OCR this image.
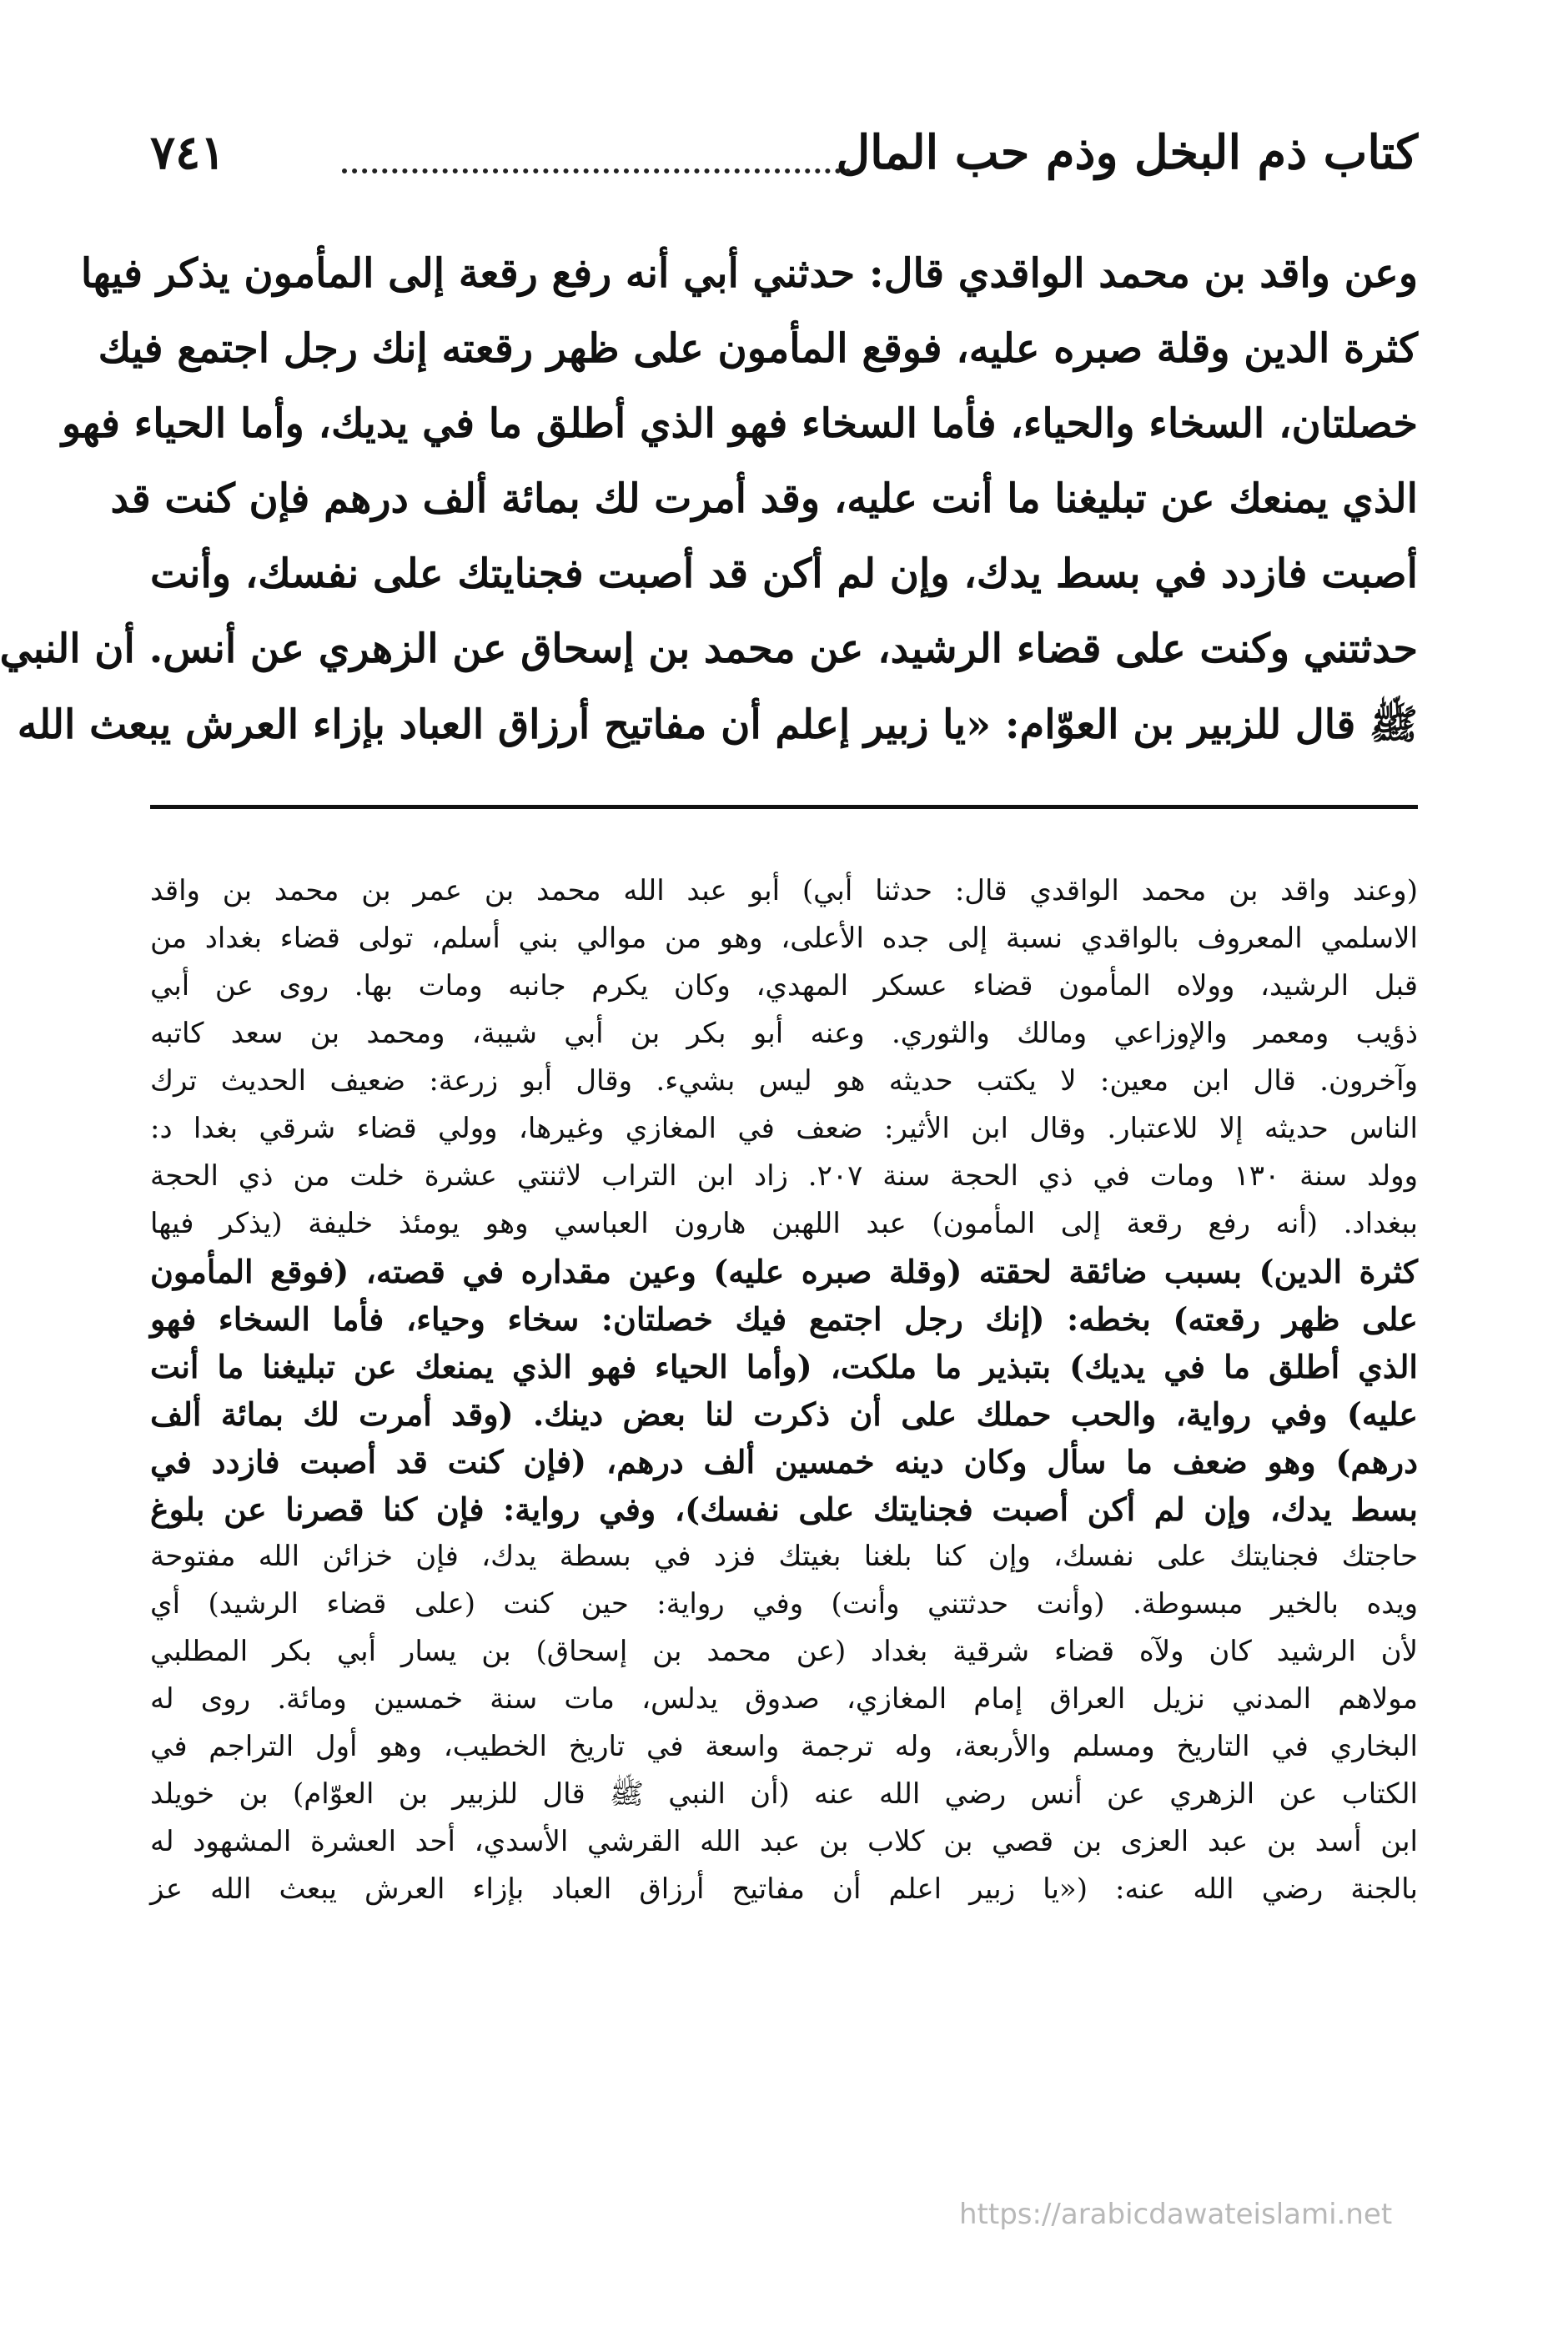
كتاب ذم البخل وذم حب المال
٧٤١
وعن واقد بن محمد الواقدي قال: حدثني أبي أنه رفع رقعة إلى المأمون يذكر فيها
كثرة الدين وقلة صبره عليه، فوقع المأمون على ظهر رقعته إنك رجل اجتمع فيك
خصلتان، السخاء والحياء، فأما السخاء فهو الذي أطلق ما في يديك، وأما الحياء فهو
الذي يمنعك عن تبليغنا ما أنت عليه، وقد أمرت لك بمائة ألف درهم فإن كنت قد
أصبت فازدد في بسط يدك، وإن لم أكن قد أصبت فجنايتك على نفسك، وأنت
حدثتني وكنت على قضاء الرشيد، عن محمد بن إسحاق عن الزهري عن أنس. أن النبي
ﷺ قال للزبير بن العوّام: «يا زبير إعلم أن مفاتيح أرزاق العباد بإزاء العرش يبعث الله
(وعند واقد بن محمد الواقدي قال: حدثنا أبي) أبو عبد الله محمد بن عمر بن محمد بن واقد
الاسلمي المعروف بالواقدي نسبة إلى جده الأعلى، وهو من موالي بني أسلم، تولى قضاء بغداد من
قبل الرشيد، وولاه المأمون قضاء عسكر المهدي، وكان يكرم جانبه ومات بها. روى عن أبي
ذؤيب ومعمر والإوزاعي ومالك والثوري. وعنه أبو بكر بن أبي شيبة، ومحمد بن سعد كاتبه
وآخرون. قال ابن معين: لا يكتب حديثه هو ليس بشيء. وقال أبو زرعة: ضعيف الحديث ترك
الناس حديثه إلا للاعتبار. وقال ابن الأثير: ضعف في المغازي وغيرها، وولي قضاء شرقي بغدا د:
وولد سنة ١٣٠ ومات في ذي الحجة سنة ٢٠٧. زاد ابن التراب لاثنتي عشرة خلت من ذي الحجة
ببغداد. (أنه رفع رقعة إلى المأمون) عبد اللهبن هارون العباسي وهو يومئذ خليفة (يذكر فيها
كثرة الدين) بسبب ضائقة لحقته (وقلة صبره عليه) وعين مقداره في قصته، (فوقع المأمون
على ظهر رقعته) بخطه: (إنك رجل اجتمع فيك خصلتان: سخاء وحياء، فأما السخاء فهو
الذي أطلق ما في يديك) بتبذير ما ملكت، (وأما الحياء فهو الذي يمنعك عن تبليغنا ما أنت
عليه) وفي رواية، والحب حملك على أن ذكرت لنا بعض دينك. (وقد أمرت لك بمائة ألف
درهم) وهو ضعف ما سأل وكان دينه خمسين ألف درهم، (فإن كنت قد أصبت فازدد في
بسط يدك، وإن لم أكن أصبت فجنايتك على نفسك)، وفي رواية: فإن كنا قصرنا عن بلوغ
حاجتك فجنايتك على نفسك، وإن كنا بلغنا بغيتك فزد في بسطة يدك، فإن خزائن الله مفتوحة
ويده بالخير مبسوطة. (وأنت حدثتني وأنت) وفي رواية: حين كنت (على قضاء الرشيد) أي
لأن الرشيد كان ولآه قضاء شرقية بغداد (عن محمد بن إسحاق) بن يسار أبي بكر المطلبي
مولاهم المدني نزيل العراق إمام المغازي، صدوق يدلس، مات سنة خمسين ومائة. روى له
البخاري في التاريخ ومسلم والأربعة، وله ترجمة واسعة في تاريخ الخطيب، وهو أول التراجم في
الكتاب عن الزهري عن أنس رضي الله عنه (أن النبي ﷺ قال للزبير بن العوّام) بن خويلد
ابن أسد بن عبد العزى بن قصي بن كلاب بن عبد الله القرشي الأسدي، أحد العشرة المشهود له
بالجنة رضي الله عنه: («يا زبير اعلم أن مفاتيح أرزاق العباد بإزاء العرش يبعث الله عز
https://arabicdawateislami.net
